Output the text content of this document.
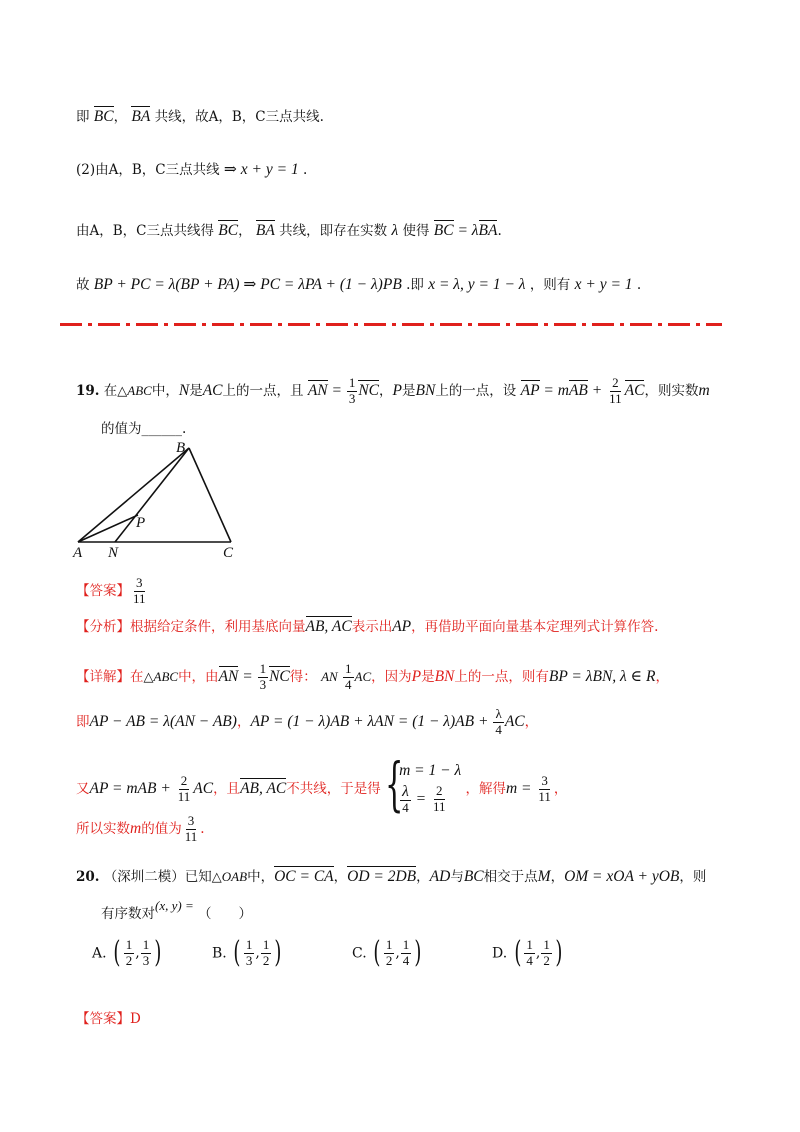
即 BC， BA 共线，故A，B，C三点共线.
(2)由A，B，C三点共线 ⇒ x + y = 1 .
由A，B，C三点共线得 BC， BA 共线，即存在实数 λ 使得 BC = λBA.
故 BP + PC = λ(BP + PA) ⇒ PC = λPA + (1 − λ)PB .即 x = λ, y = 1 − λ ，则有 x + y = 1 .
19. 在△ABC中，N是AC上的一点，且 AN = $\frac{1}{3}$ NC，P是BN上的一点，设 AP = mAB + $\frac{2}{11}$ AC，则实数m
的值为______.
B
P
A N	C
【答案】 $\frac{3}{11}$
【分析】根据给定条件，利用基底向量AB, AC表示出AP，再借助平面向量基本定理列式计算作答.
【详解】在△ABC中，由AN = $\frac{1}{3}$ NC得： AN $\frac{1}{4}$ AC，因为P是BN上的一点，则有BP = λBN, λ ∈ R，
即AP − AB = λ(AN − AB)，AP = $(1 - \lambda)AB + \lambda AN = (1 - \lambda)AB + \frac{\lambda}{4}$ AC，
又AP = mAB + $\frac{2}{11}$ AC，且AB, AC不共线，于是得 {
m = 1 − λ
$\frac{\lambda}{4} = \frac{2}{11}$ ，解得$m = \frac{3}{11}$ ，
所以实数m的值为 $\frac{3}{11}$ .
20. （深圳二模）已知△OAB中，OC = CA，OD = 2DB，AD与BC相交于点M，OM = xOA + yOB，则
有序数对(x, y) = （　　）
A. ( $\frac{1}{2}$ , $\frac{1}{3}$ )	B. ( $\frac{1}{3}$ , $\frac{1}{2}$ )	C. ( $\frac{1}{2}$ , $\frac{1}{4}$ )	D. ( $\frac{1}{4}$ , $\frac{1}{2}$ )
【答案】D
